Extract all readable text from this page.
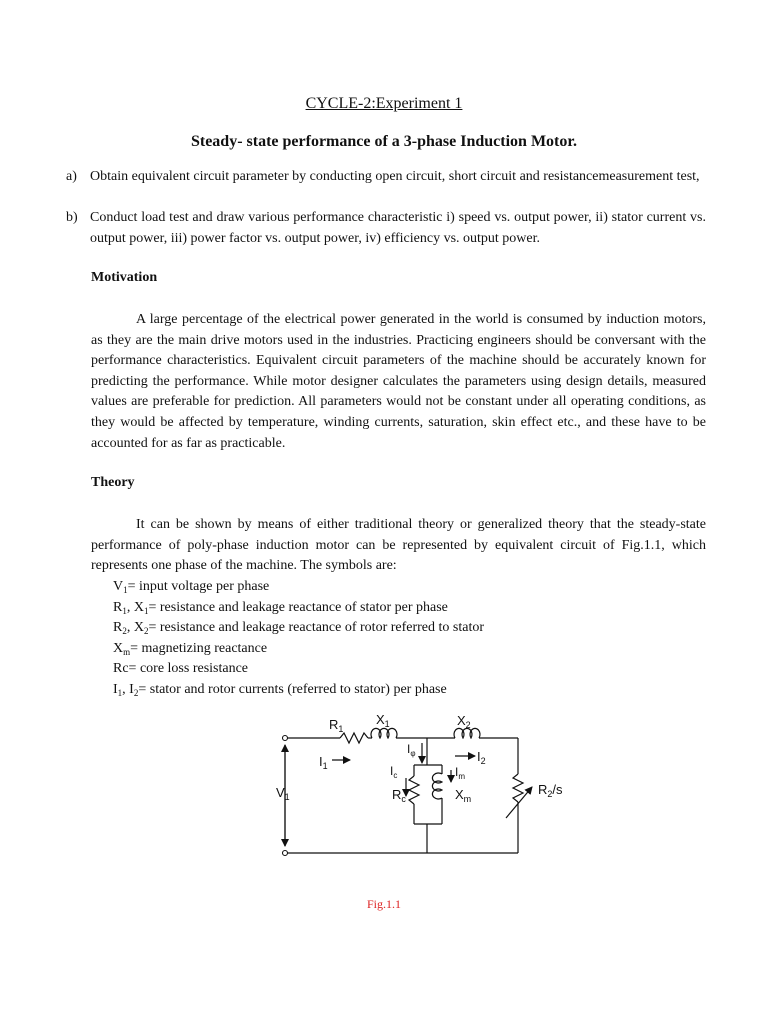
CYCLE-2:Experiment 1
Steady- state performance of a 3-phase Induction Motor.
a) Obtain equivalent circuit parameter by conducting open circuit, short circuit and resistancemeasurement test,
b) Conduct load test and draw various performance characteristic i) speed vs. output power, ii) stator current vs. output power, iii) power factor vs. output power, iv) efficiency vs. output power.
Motivation
A large percentage of the electrical power generated in the world is consumed by induction motors, as they are the main drive motors used in the industries. Practicing engineers should be conversant with the performance characteristics. Equivalent circuit parameters of the machine should be accurately known for predicting the performance. While motor designer calculates the parameters using design details, measured values are preferable for prediction. All parameters would not be constant under all operating conditions, as they would be affected by temperature, winding currents, saturation, skin effect etc., and these have to be accounted for as far as practicable.
Theory
It can be shown by means of either traditional theory or generalized theory that the steady-state performance of poly-phase induction motor can be represented by equivalent circuit of Fig.1.1, which represents one phase of the machine. The symbols are:
$V_1=$ input voltage per phase
$R_1$, $X_1=$ resistance and leakage reactance of stator per phase
$R_2$, $X_2=$ resistance and leakage reactance of rotor referred to stator
$X_m=$ magnetizing reactance
Rc= core loss resistance
$I_1$, $I_2=$ stator and rotor currents (referred to stator) per phase
$R_1$
$X_1$	$X_2$
$I_\varphi$
$I_1$
$I_2$
$I_c$	$I_m$
$V_1$	$R_c$	$X_m$
$R_2/s$
Fig.1.1
